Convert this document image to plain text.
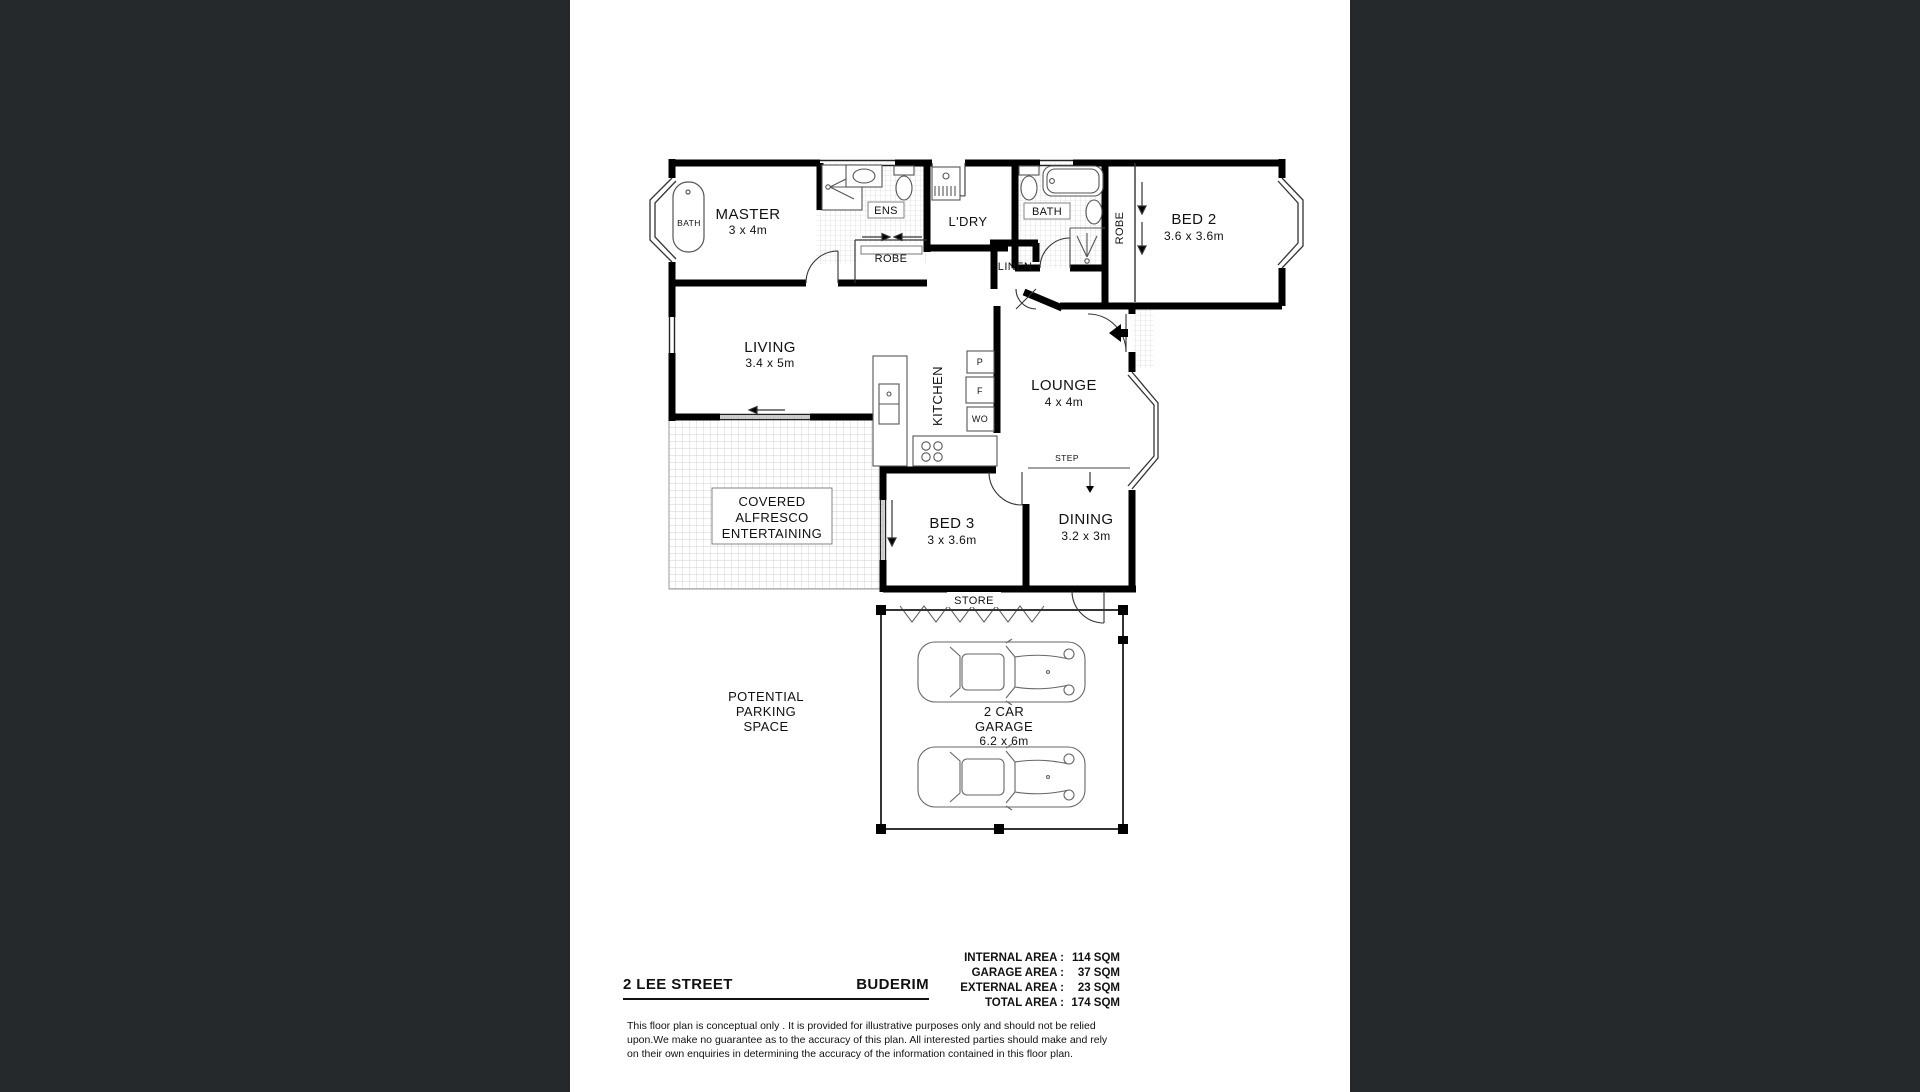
P
F
WO
MASTER
3 x 4m
BED 2
3.6 x 3.6m
LIVING
3.4 x 5m
LOUNGE
4 x 4m
BED 3
3 x 3.6m
DINING
3.2 x 3m
KITCHEN
ROBE
ENS	BATH
L'DRY
LINEN
ROBE
STORE
STEP
BATH
COVERED
ALFRESCO
ENTERTAINING
POTENTIAL
PARKING
SPACE
2 CAR
GARAGE
6.2 x 6m
2 LEE STREET	BUDERIM
INTERNAL AREA : 114 SQM
GARAGE AREA :	37 SQM
EXTERNAL AREA :	23 SQM
TOTAL AREA : 174 SQM
This floor plan is conceptual only . It is provided for illustrative purposes only and should not be relied upon.We make no guarantee as to the accuracy of this plan. All interested parties should make and rely on their own enquiries in determining the accuracy of the information contained in this floor plan.
